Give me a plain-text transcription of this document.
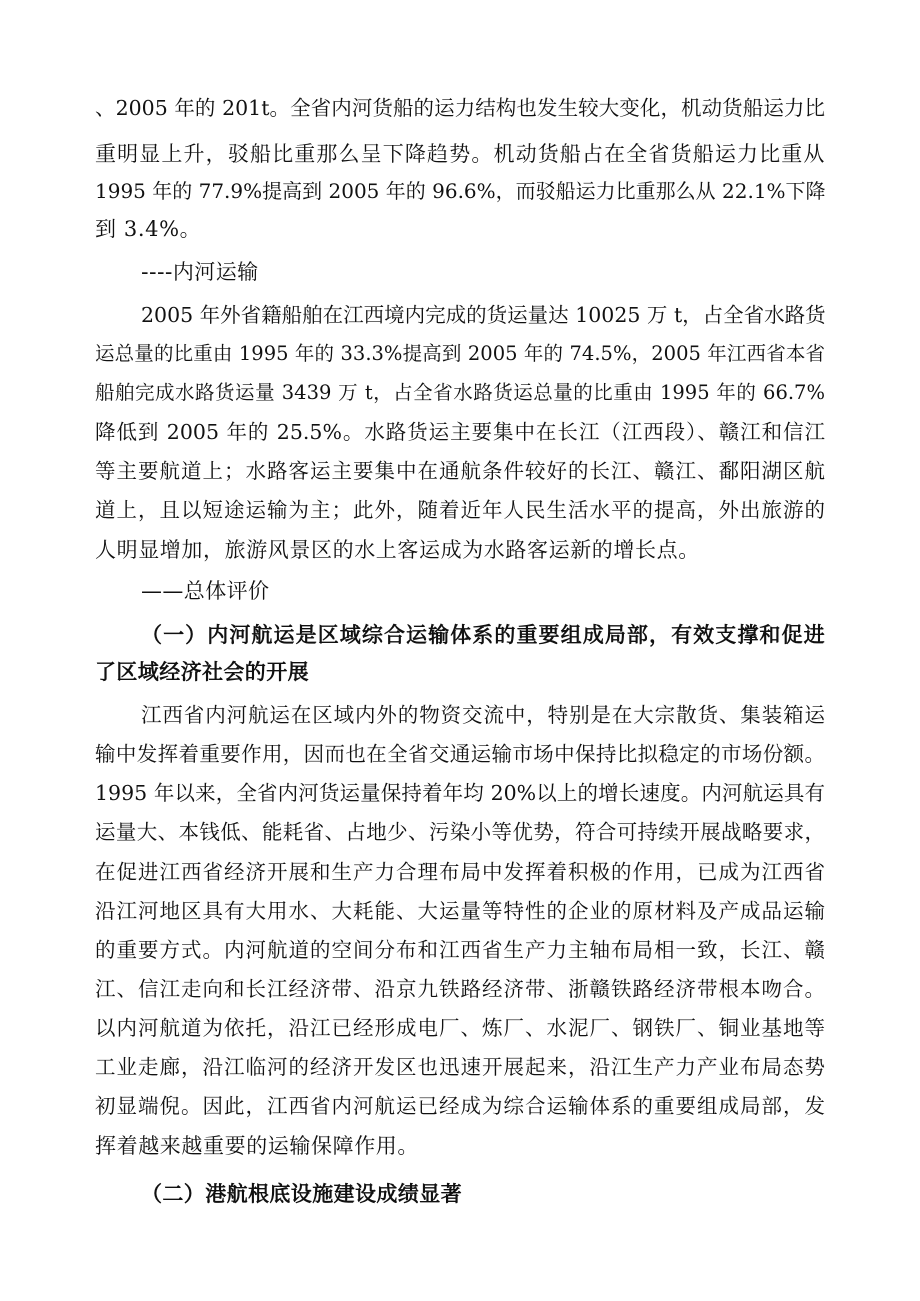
、2005 年的 201t。全省内河货船的运力结构也发生较大变化，机动货船运力比
重明显上升，驳船比重那么呈下降趋势。机动货船占在全省货船运力比重从
1995 年的 77.9%提高到 2005 年的 96.6%，而驳船运力比重那么从 22.1%下降
到 3.4%。
----内河运输
2005 年外省籍船舶在江西境内完成的货运量达 10025 万 t，占全省水路货
运总量的比重由 1995 年的 33.3%提高到 2005 年的 74.5%，2005 年江西省本省
船舶完成水路货运量 3439 万 t，占全省水路货运总量的比重由 1995 年的 66.7%
降低到 2005 年的 25.5%。水路货运主要集中在长江（江西段）、赣江和信江
等主要航道上；水路客运主要集中在通航条件较好的长江、赣江、鄱阳湖区航
道上，且以短途运输为主；此外，随着近年人民生活水平的提高，外出旅游的
人明显增加，旅游风景区的水上客运成为水路客运新的增长点。
——总体评价
（一）内河航运是区域综合运输体系的重要组成局部，有效支撑和促进
了区域经济社会的开展
江西省内河航运在区域内外的物资交流中，特别是在大宗散货、集装箱运
输中发挥着重要作用，因而也在全省交通运输市场中保持比拟稳定的市场份额。
1995 年以来，全省内河货运量保持着年均 20%以上的增长速度。内河航运具有
运量大、本钱低、能耗省、占地少、污染小等优势，符合可持续开展战略要求，
在促进江西省经济开展和生产力合理布局中发挥着积极的作用，已成为江西省
沿江河地区具有大用水、大耗能、大运量等特性的企业的原材料及产成品运输
的重要方式。内河航道的空间分布和江西省生产力主轴布局相一致，长江、赣
江、信江走向和长江经济带、沿京九铁路经济带、浙赣铁路经济带根本吻合。
以内河航道为依托，沿江已经形成电厂、炼厂、水泥厂、钢铁厂、铜业基地等
工业走廊，沿江临河的经济开发区也迅速开展起来，沿江生产力产业布局态势
初显端倪。因此，江西省内河航运已经成为综合运输体系的重要组成局部，发
挥着越来越重要的运输保障作用。
（二）港航根底设施建设成绩显著
